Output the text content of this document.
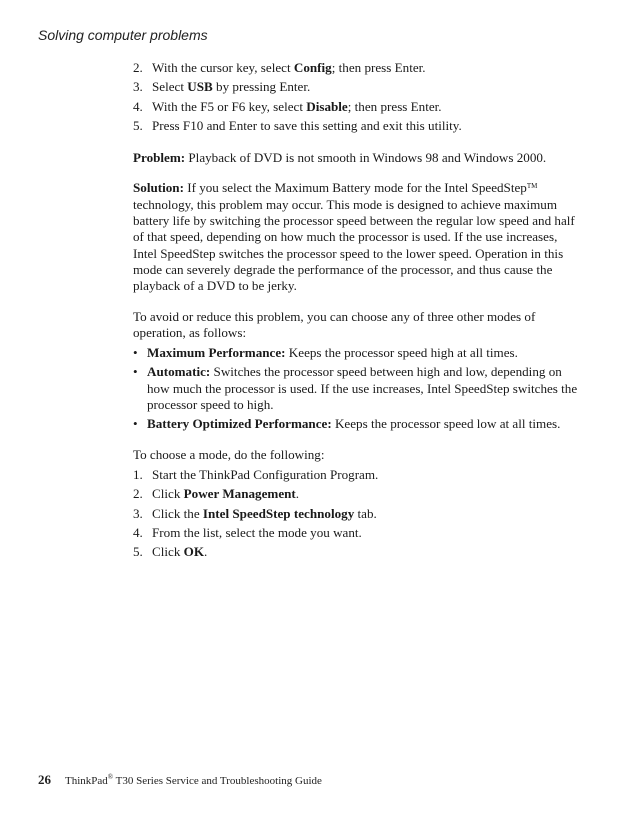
Solving computer problems
2. With the cursor key, select Config; then press Enter.
3. Select USB by pressing Enter.
4. With the F5 or F6 key, select Disable; then press Enter.
5. Press F10 and Enter to save this setting and exit this utility.

Problem: Playback of DVD is not smooth in Windows 98 and Windows 2000.

Solution: If you select the Maximum Battery mode for the Intel SpeedStep™ technology, this problem may occur. This mode is designed to achieve maximum battery life by switching the processor speed between the regular low speed and half of that speed, depending on how much the processor is used. If the use increases, Intel SpeedStep switches the processor speed to the lower speed. Operation in this mode can severely degrade the performance of the processor, and thus cause the playback of a DVD to be jerky.

To avoid or reduce this problem, you can choose any of three other modes of operation, as follows:

• Maximum Performance: Keeps the processor speed high at all times.
• Automatic: Switches the processor speed between high and low, depending on how much the processor is used. If the use increases, Intel SpeedStep switches the processor speed to high.
• Battery Optimized Performance: Keeps the processor speed low at all times.

To choose a mode, do the following:

1. Start the ThinkPad Configuration Program.
2. Click Power Management.
3. Click the Intel SpeedStep technology tab.
4. From the list, select the mode you want.
5. Click OK.
26 ThinkPad® T30 Series Service and Troubleshooting Guide
